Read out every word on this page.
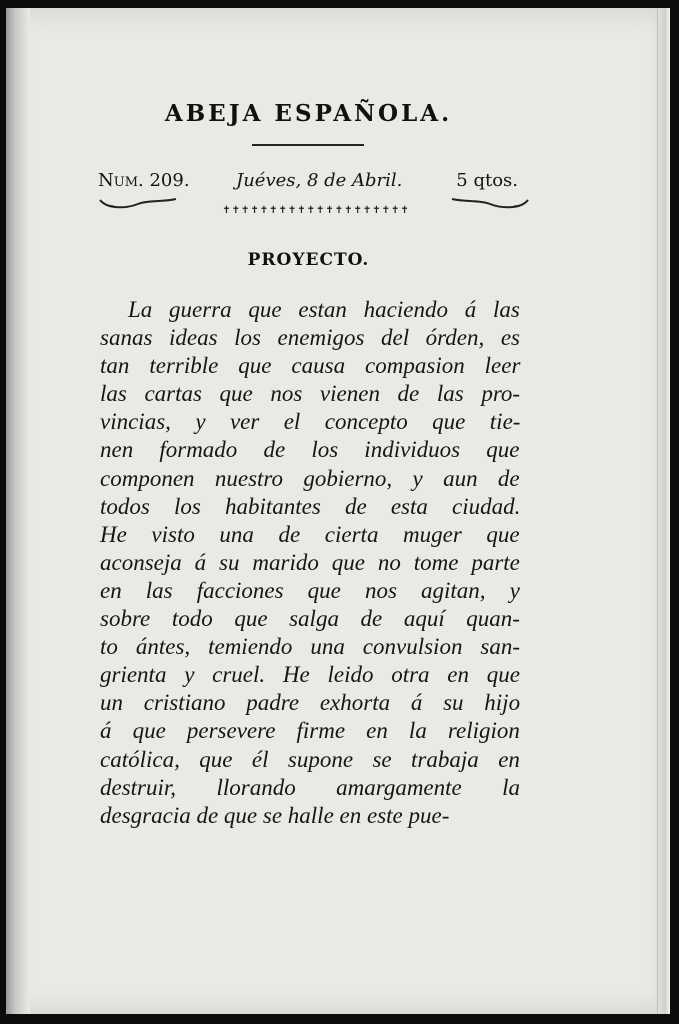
ABEJA ESPAÑOLA.
Num. 209.	Juéves, 8 de Abril.	5 qtos.
✝✝✝✝✝✝✝✝✝✝✝✝✝✝✝✝✝✝✝✝
PROYECTO.
La guerra que estan haciendo á las
sanas ideas los enemigos del órden, es
tan terrible que causa compasion leer
las cartas que nos vienen de las pro-
vincias, y ver el concepto que tie-
nen formado de los individuos que
componen nuestro gobierno, y aun de
todos los habitantes de esta ciudad.
He visto una de cierta muger que
aconseja á su marido que no tome parte
en las facciones que nos agitan, y
sobre todo que salga de aquí quan-
to ántes, temiendo una convulsion san-
grienta y cruel. He leido otra en que
un cristiano padre exhorta á su hijo
á que persevere firme en la religion
católica, que él supone se trabaja en
destruir, llorando amargamente la
desgracia de que se halle en este pue-
